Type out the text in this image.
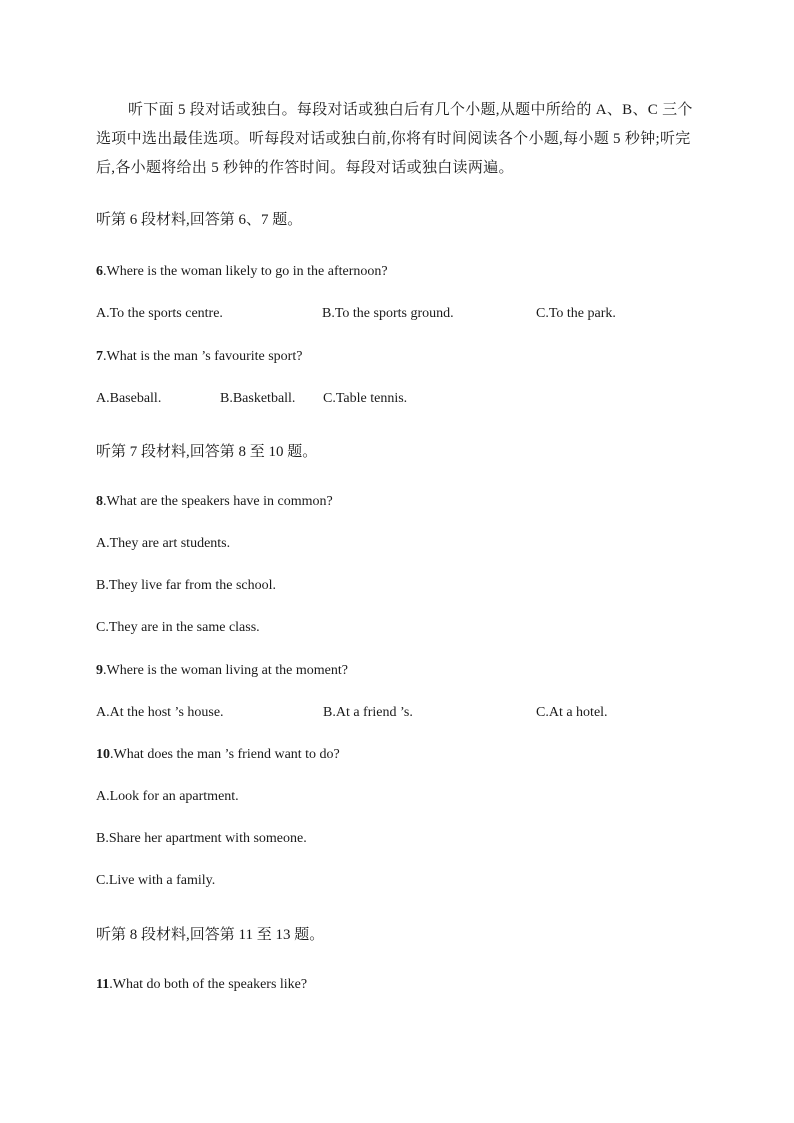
听下面 5 段对话或独白。每段对话或独白后有几个小题,从题中所给的 A、B、C 三个选项中选出最佳选项。听每段对话或独白前,你将有时间阅读各个小题,每小题 5 秒钟;听完后,各小题将给出 5 秒钟的作答时间。每段对话或独白读两遍。
听第 6 段材料,回答第 6、7 题。
6.Where is the woman likely to go in the afternoon?
A.To the sports centre.	B.To the sports ground.	C.To the park.
7.What is the man ’s favourite sport?
A.Baseball.	B.Basketball. C.Table tennis.
听第 7 段材料,回答第 8 至 10 题。
8.What are the speakers have in common?
A.They are art students.
B.They live far from the school.
C.They are in the same class.
9.Where is the woman living at the moment?
A.At the host ’s house.	B.At a friend ’s.	C.At a hotel.
10.What does the man ’s friend want to do?
A.Look for an apartment.
B.Share her apartment with someone.
C.Live with a family.
听第 8 段材料,回答第 11 至 13 题。
11.What do both of the speakers like?
